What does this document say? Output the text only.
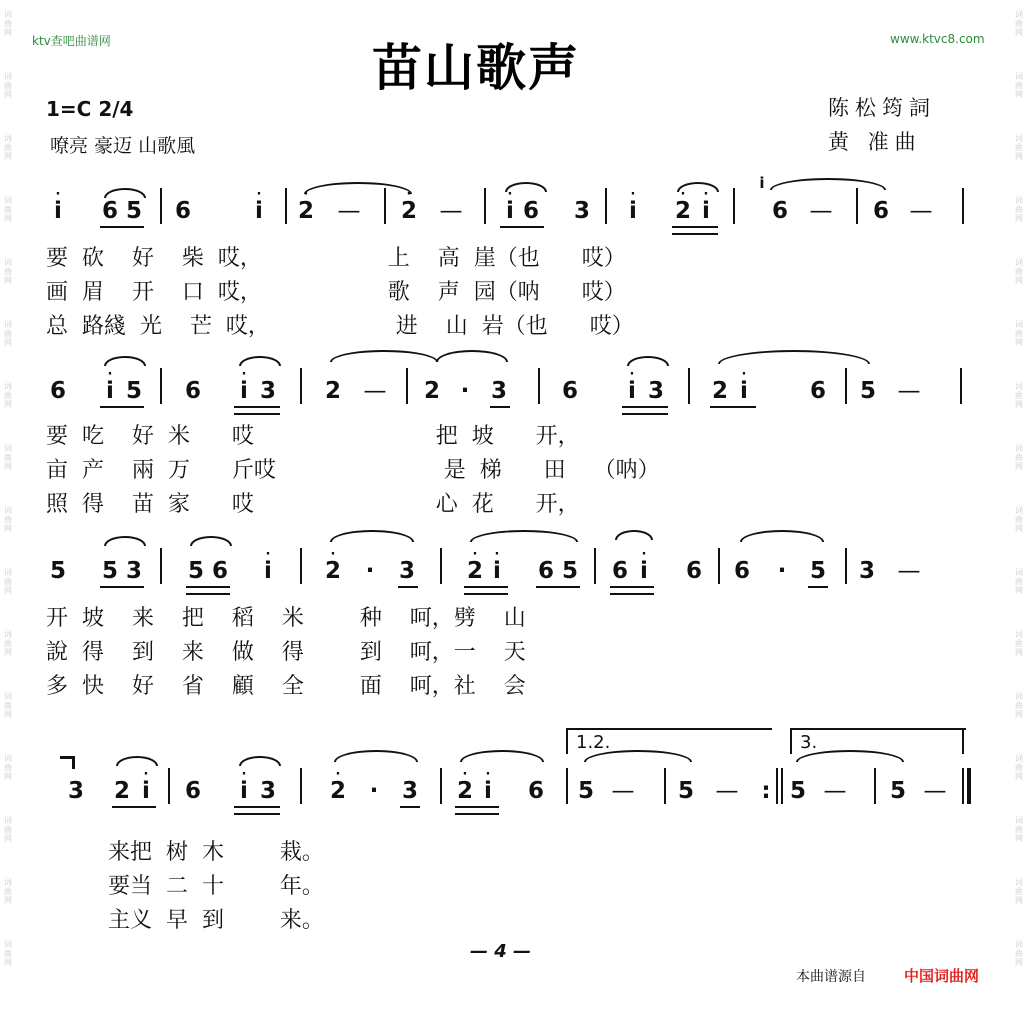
词曲网
词曲网
词曲网
词曲网
词曲网
词曲网
词曲网
词曲网
词曲网
词曲网
词曲网
词曲网
词曲网
词曲网
词曲网
词曲网
词曲网
词曲网
词曲网
词曲网
词曲网
词曲网
词曲网
词曲网
词曲网
词曲网
词曲网
词曲网
词曲网
词曲网
词曲网
词曲网
ktv查吧曲谱网	www.ktvc8.com
苗山歌声
1=C 2/4
嘹亮 豪迈 山歌風
陈松筠詞
黄 准曲
·
i 6 5 6
·
i
·
2 —
·
2 —
·
i 6 3
·
i
·
2
·
i
i
6 — 6 —
要  砍    好    柴  哎，                  上    高  崖（也      哎）
画  眉    开    口  哎，                  歌    声  园（呐      哎）
总  路綫  光    芒  哎，                  进    山  岩（也      哎）
6
·
i 5 6
·
i 3 2 — 2 · 3 6
·
i 3 2
·
i	6 5 —
要  吃    好  米      哎                          把  坡      开，
亩  产    兩  万      斤哎                        是  梯      田    （呐）
照  得    苗  家      哎                          心  花      开，
5 5 3 5 6
·
i
·
2 · 3
·
2
·
i 6 5 6
·
i 6 6 · 5 3 —
开  坡    来    把    稻    米        种    呵，劈    山
說  得    到    来    做    得        到    呵，一    天
多  快    好    省    顧    全        面    呵，社    会
1.2.	3.
3 2
·
i 6
·
i 3
·
2 · 3
·
2
·
i 6 5 — 5 — : 5 — 5 —
来把  树  木        栽。
要当  二  十        年。
主义  早  到        来。
— 4 —
本曲谱源自	中国词曲网
